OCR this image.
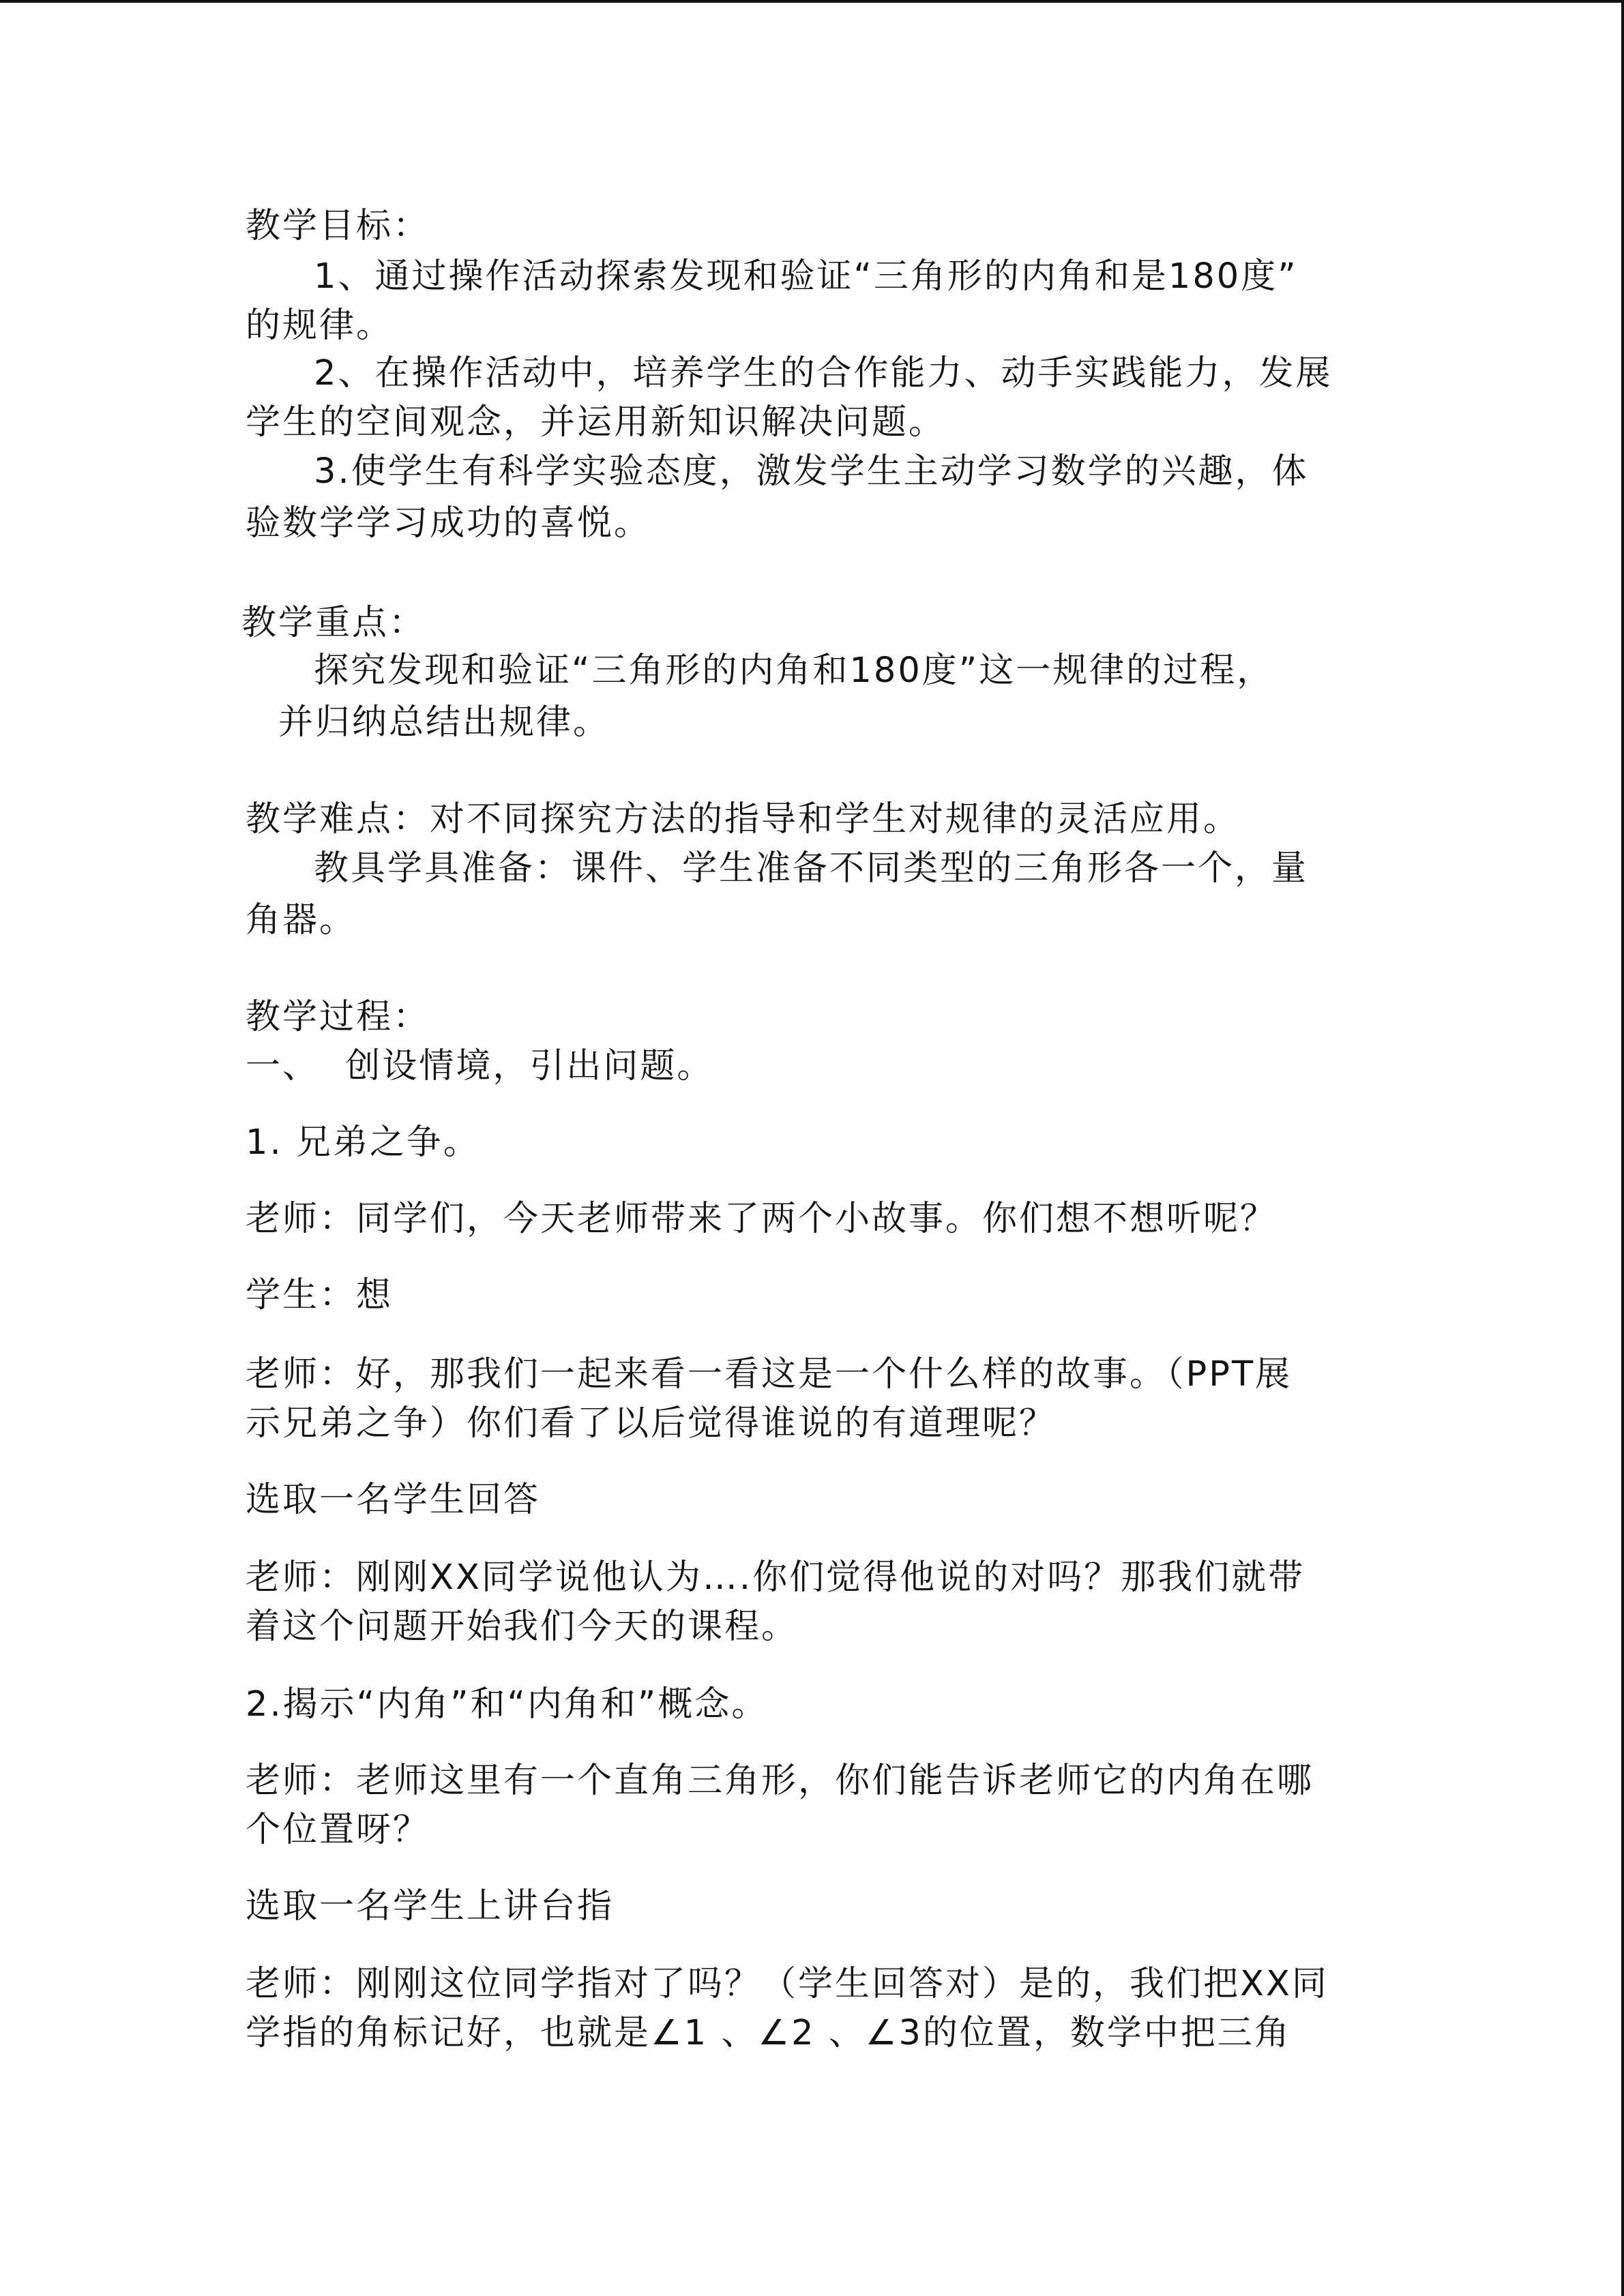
教学目标：

1、通过操作活动探索发现和验证“三角形的内角和是180度”

的规律。

2、在操作活动中，培养学生的合作能力、动手实践能力，发展

学生的空间观念，并运用新知识解决问题。

3.使学生有科学实验态度，激发学生主动学习数学的兴趣，体

验数学学习成功的喜悦。

教学重点：

探究发现和验证“三角形的内角和180度”这一规律的过程，

并归纳总结出规律。

教学难点：对不同探究方法的指导和学生对规律的灵活应用。

教具学具准备：课件、学生准备不同类型的三角形各一个，量

角器。

教学过程：

一、  创设情境，引出问题。

1. 兄弟之争。

老师：同学们，今天老师带来了两个小故事。你们想不想听呢？

学生：想

老师：好，那我们一起来看一看这是一个什么样的故事。（PPT展

示兄弟之争）你们看了以后觉得谁说的有道理呢？

选取一名学生回答

老师：刚刚XX同学说他认为….你们觉得他说的对吗？那我们就带

着这个问题开始我们今天的课程。

2.揭示“内角”和“内角和”概念。

老师：老师这里有一个直角三角形，你们能告诉老师它的内角在哪

个位置呀？

选取一名学生上讲台指

老师：刚刚这位同学指对了吗？（学生回答对）是的，我们把XX同

学指的角标记好，也就是∠1 、∠2 、∠3的位置，数学中把三角
